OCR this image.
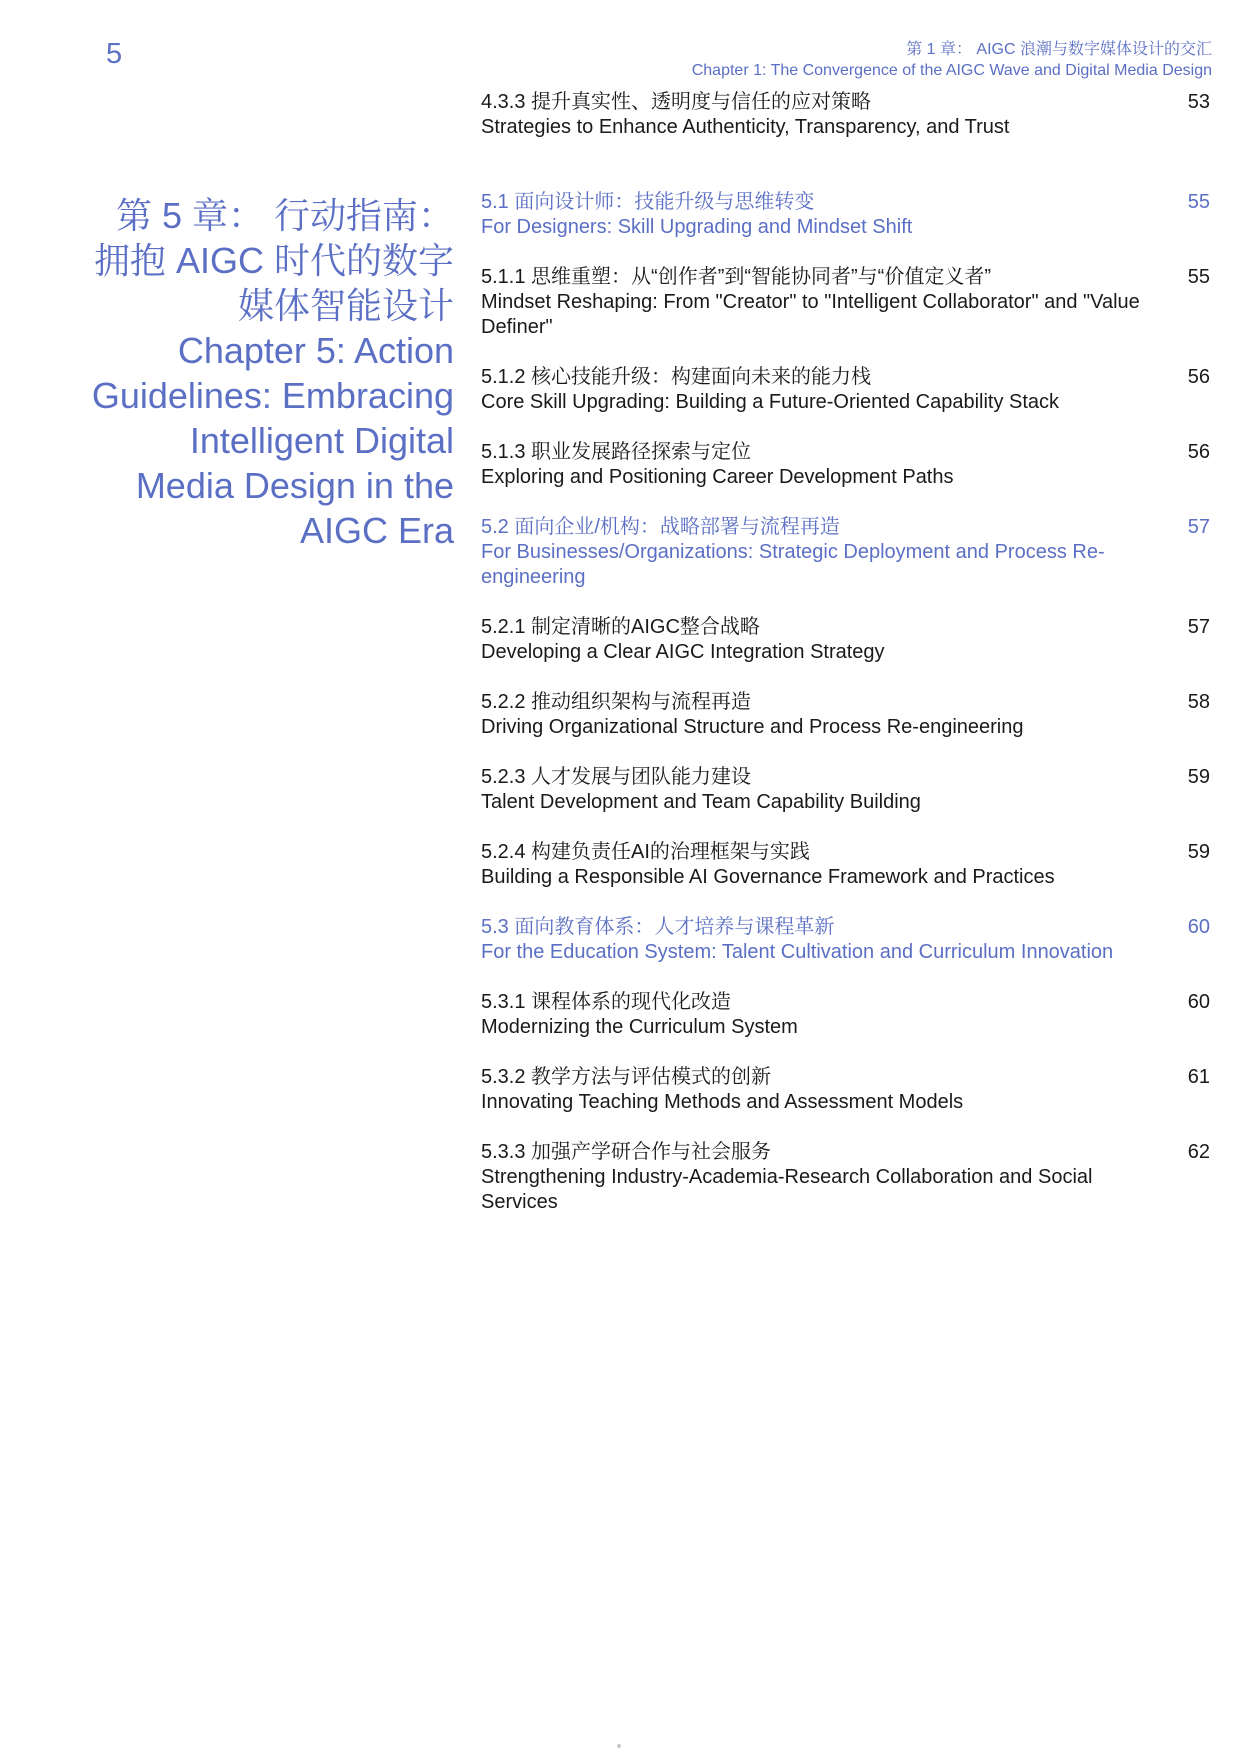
5	第 1 章： AIGC 浪潮与数字媒体设计的交汇
Chapter 1: The Convergence of the AIGC Wave and Digital Media Design
第 5 章： 行动指南：拥抱 AIGC 时代的数字媒体智能设计
Chapter 5: Action Guidelines: Embracing Intelligent Digital Media Design in the AIGC Era
4.3.3 提升真实性、透明度与信任的应对策略
Strategies to Enhance Authenticity, Transparency, and Trust
53
5.1 面向设计师：技能升级与思维转变
For Designers: Skill Upgrading and Mindset Shift
55
5.1.1 思维重塑：从“创作者”到“智能协同者”与“价值定义者”
Mindset Reshaping: From "Creator" to "Intelligent Collaborator" and "Value Definer"
55
5.1.2 核心技能升级：构建面向未来的能力栈
Core Skill Upgrading: Building a Future-Oriented Capability Stack
56
5.1.3 职业发展路径探索与定位
Exploring and Positioning Career Development Paths
56
5.2 面向企业/机构：战略部署与流程再造
For Businesses/Organizations: Strategic Deployment and Process Re-engineering
57
5.2.1 制定清晰的AIGC整合战略
Developing a Clear AIGC Integration Strategy
57
5.2.2 推动组织架构与流程再造
Driving Organizational Structure and Process Re-engineering
58
5.2.3 人才发展与团队能力建设
Talent Development and Team Capability Building
59
5.2.4 构建负责任AI的治理框架与实践
Building a Responsible AI Governance Framework and Practices
59
5.3 面向教育体系：人才培养与课程革新
For the Education System: Talent Cultivation and Curriculum Innovation
60
5.3.1 课程体系的现代化改造
Modernizing the Curriculum System
60
5.3.2 教学方法与评估模式的创新
Innovating Teaching Methods and Assessment Models
61
5.3.3 加强产学研合作与社会服务
Strengthening Industry-Academia-Research Collaboration and Social Services
62
